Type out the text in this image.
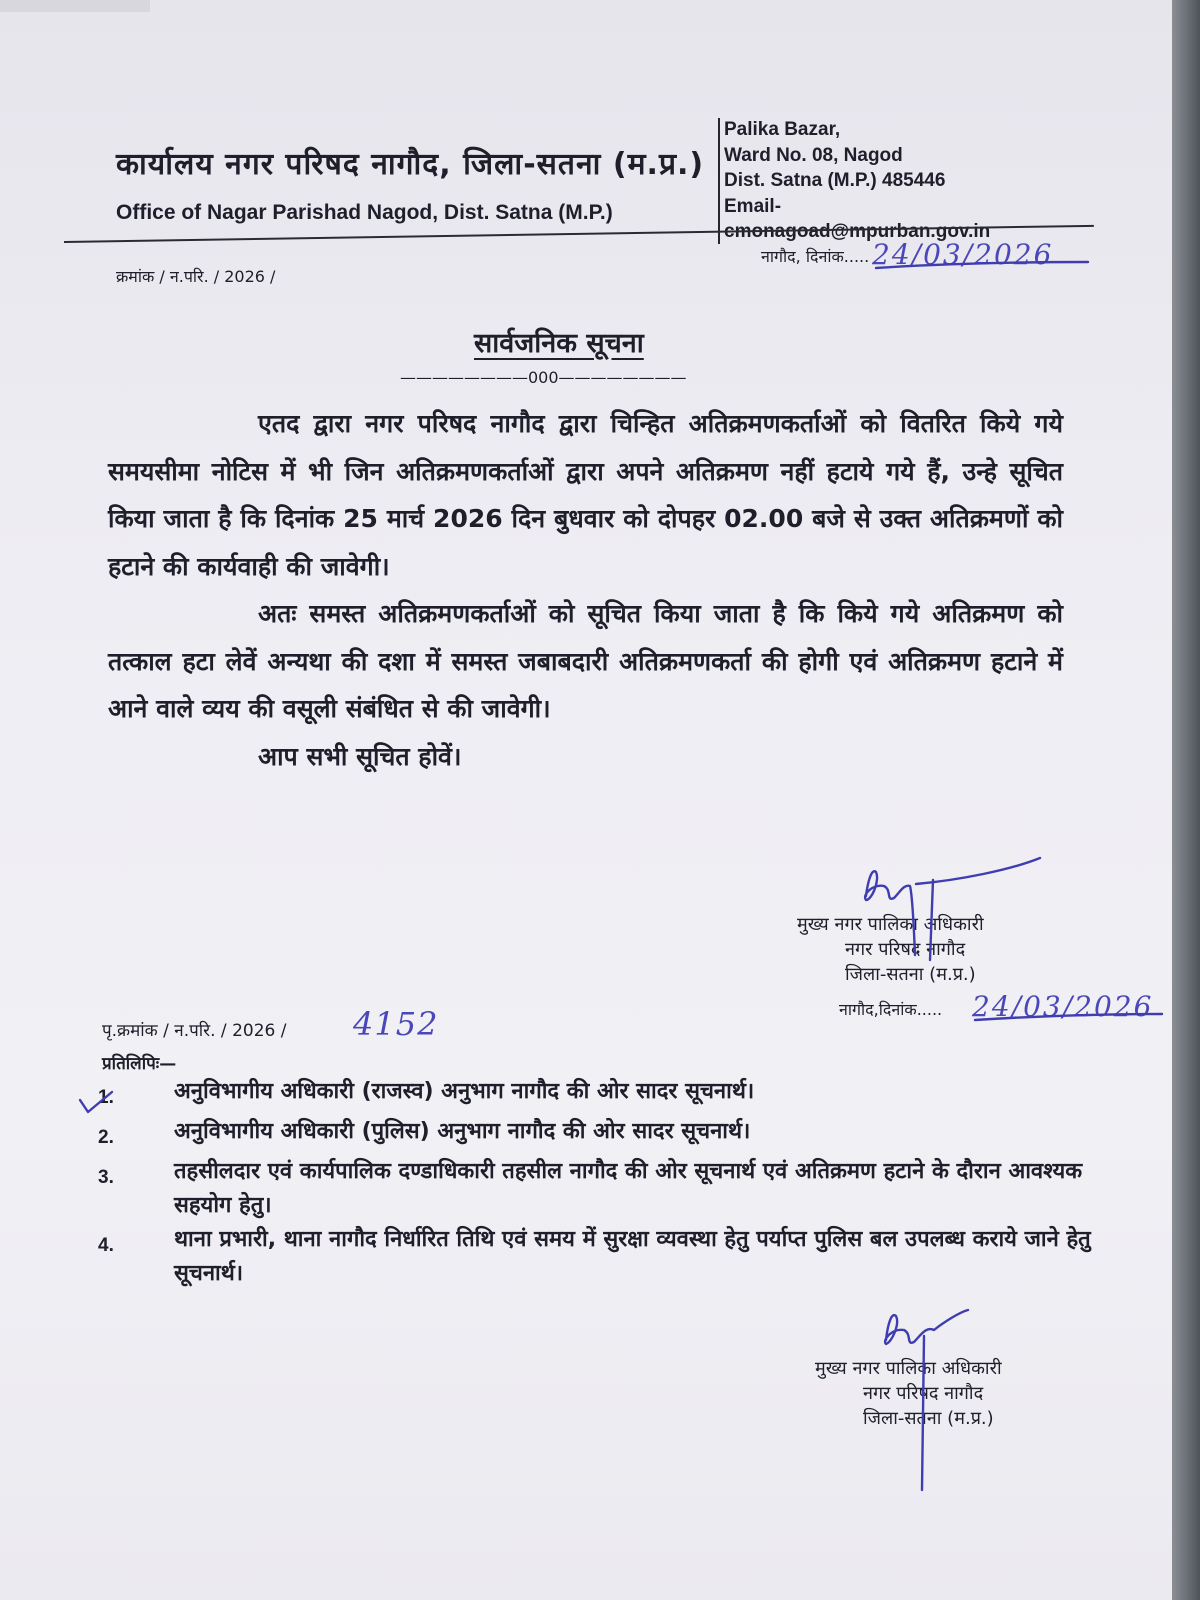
कार्यालय नगर परिषद नागौद, जिला-सतना (म.प्र.)
Office of Nagar Parishad Nagod, Dist. Satna (M.P.)
Palika Bazar,
Ward No. 08, Nagod
Dist. Satna (M.P.) 485446
Email-
cmonagoad@mpurban.gov.in
क्रमांक / न.परि. / 2026 /
नागौद, दिनांक..... 24/03/2026
सार्वजनिक सूचना
————————000————————

एतद द्वारा नगर परिषद नागौद द्वारा चिन्हित अतिक्रमणकर्ताओं को वितरित किये गये समयसीमा नोटिस में भी जिन अतिक्रमणकर्ताओं द्वारा अपने अतिक्रमण नहीं हटाये गये हैं, उन्हे सूचित किया जाता है कि दिनांक 25 मार्च 2026 दिन बुधवार को दोपहर 02.00 बजे से उक्त अतिक्रमणों को हटाने की कार्यवाही की जावेगी।

अतः समस्त अतिक्रमणकर्ताओं को सूचित किया जाता है कि किये गये अतिक्रमण को तत्काल हटा लेवें अन्यथा की दशा में समस्त जबाबदारी अतिक्रमणकर्ता की होगी एवं अतिक्रमण हटाने में आने वाले व्यय की वसूली संबंधित से की जावेगी।

आप सभी सूचित होवें।

मुख्य नगर पालिका अधिकारी
नगर परिषद नागौद
जिला-सतना (म.प्र.)
नागौद,दिनांक..... 24/03/2026
पृ.क्रमांक / न.परि. / 2026 / 4152
प्रतिलिपिः—
1.	अनुविभागीय अधिकारी (राजस्व) अनुभाग नागौद की ओर सादर सूचनार्थ।
2.	अनुविभागीय अधिकारी (पुलिस) अनुभाग नागौद की ओर सादर सूचनार्थ।
3.	तहसीलदार एवं कार्यपालिक दण्डाधिकारी तहसील नागौद की ओर सूचनार्थ एवं अतिक्रमण हटाने के दौरान आवश्यक सहयोग हेतु।
4.	थाना प्रभारी, थाना नागौद निर्धारित तिथि एवं समय में सुरक्षा व्यवस्था हेतु पर्याप्त पुलिस बल उपलब्ध कराये जाने हेतु सूचनार्थ।
मुख्य नगर पालिका अधिकारी
नगर परिषद नागौद
जिला-सतना (म.प्र.)
